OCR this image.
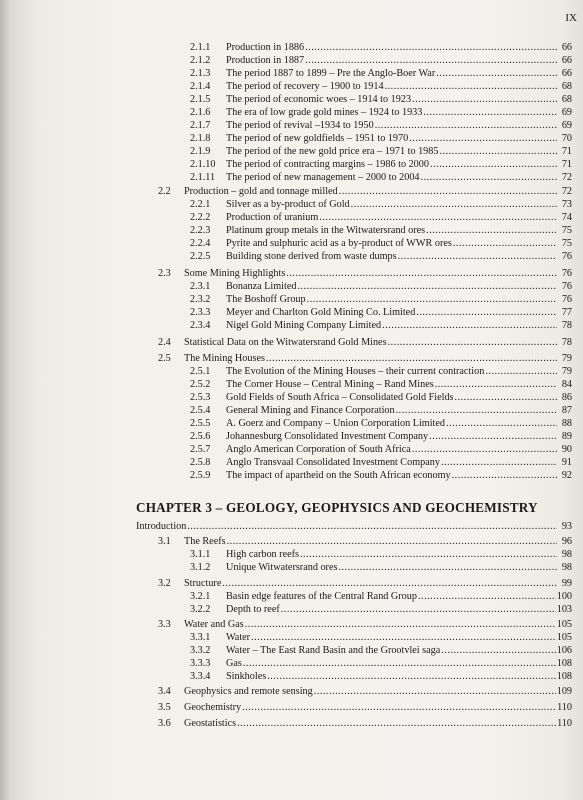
IX
2.1.1	Production in 1886 .....	66
2.1.2	Production in 1887 .....	66
2.1.3	The period 1887 to 1899 – Pre the Anglo-Boer War .....	66
2.1.4	The period of recovery – 1900 to 1914 .....	68
2.1.5	The period of economic woes – 1914 to 1923 .....	68
2.1.6	The era of low grade gold mines – 1924 to 1933 .....	69
2.1.7	The period of revival –1934 to 1950 .....	69
2.1.8	The period of new goldfields – 1951 to 1970 .....	70
2.1.9	The period of the new gold price era – 1971 to 1985 .....	71
2.1.10	The period of contracting margins – 1986 to 2000 .....	71
2.1.11	The period of new management – 2000 to 2004 .....	72
2.2	Production – gold and tonnage milled .....	72
2.2.1	Silver as a by-product of Gold .....	73
2.2.2	Production of uranium .....	74
2.2.3	Platinum group metals in the Witwatersrand ores .....	75
2.2.4	Pyrite and sulphuric acid as a by-product of WWR ores .....	75
2.2.5	Building stone derived from waste dumps .....	76
2.3	Some Mining Highlights .....	76
2.3.1	Bonanza Limited .....	76
2.3.2	The Boshoff Group .....	76
2.3.3	Meyer and Charlton Gold Mining Co. Limited .....	77
2.3.4	Nigel Gold Mining Company Limited .....	78
2.4	Statistical Data on the Witwatersrand Gold Mines .....	78
2.5	The Mining Houses .....	79
2.5.1	The Evolution of the Mining Houses – their current contraction .....	79
2.5.2	The Corner House – Central Mining – Rand Mines .....	84
2.5.3	Gold Fields of South Africa – Consolidated Gold Fields .....	86
2.5.4	General Mining and Finance Corporation .....	87
2.5.5	A. Goerz and Company – Union Corporation Limited .....	88
2.5.6	Johannesburg Consolidated Investment Company .....	89
2.5.7	Anglo American Corporation of South Africa .....	90
2.5.8	Anglo Transvaal Consolidated Investment Company .....	91
2.5.9	The impact of apartheid on the South African economy .....	92
CHAPTER 3 – GEOLOGY, GEOPHYSICS AND GEOCHEMISTRY
Introduction .....	93
3.1	The Reefs .....	96
3.1.1	High carbon reefs .....	98
3.1.2	Unique Witwatersrand ores .....	98
3.2	Structure .....	99
3.2.1	Basin edge features of the Central Rand Group .....	100
3.2.2	Depth to reef .....	103
3.3	Water and Gas .....	105
3.3.1	Water .....	105
3.3.2	Water – The East Rand Basin and the Grootvlei saga .....	106
3.3.3	Gas .....	108
3.3.4	Sinkholes .....	108
3.4	Geophysics and remote sensing .....	109
3.5	Geochemistry .....	110
3.6	Geostatistics .....	110
